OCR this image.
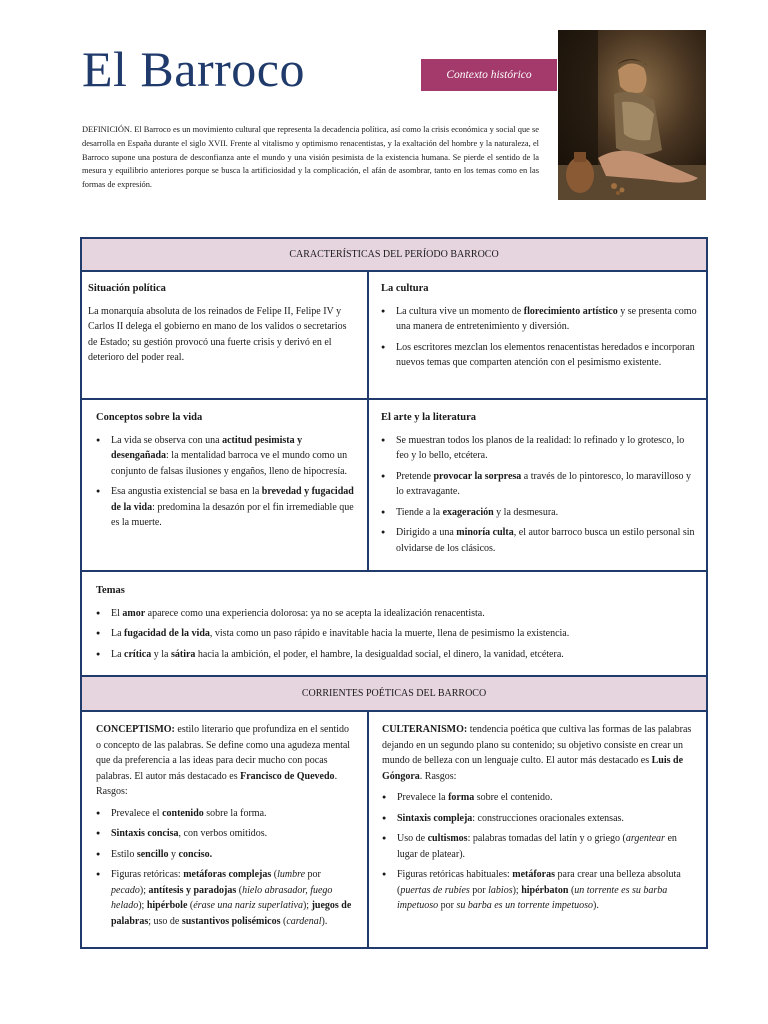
El Barroco	Contexto histórico
DEFINICIÓN. El Barroco es un movimiento cultural que representa la decadencia política, así como la crisis económica y social que se desarrolla en España durante el siglo XVII. Frente al vitalismo y optimismo renacentistas, y la exaltación del hombre y la naturaleza, el Barroco supone una postura de desconfianza ante el mundo y una visión pesimista de la existencia humana. Se pierde el sentido de la mesura y equilibrio anteriores porque se busca la artificiosidad y la complicación, el afán de asombrar, tanto en los temas como en las formas de expresión.
CARACTERÍSTICAS DEL PERÍODO BARROCO
CORRIENTES POÉTICAS DEL BARROCO
Situación política

La monarquía absoluta de los reinados de Felipe II, Felipe IV y Carlos II delega el gobierno en mano de los validos o secretarios de Estado; su gestión provocó una fuerte crisis y derivó en el deterioro del poder real.

La cultura
● La cultura vive un momento de florecimiento artístico y se presenta como una manera de entretenimiento y diversión.
● Los escritores mezclan los elementos renacentistas heredados e incorporan nuevos temas que comparten atención con el pesimismo existente.
Conceptos sobre la vida
● La vida se observa con una actitud pesimista y desengañada: la mentalidad barroca ve el mundo como un conjunto de falsas ilusiones y engaños, lleno de hipocresía.
● Esa angustia existencial se basa en la brevedad y fugacidad de la vida: predomina la desazón por el fin irremediable que es la muerte.
El arte y la literatura
● Se muestran todos los planos de la realidad: lo refinado y lo grotesco, lo feo y lo bello, etcétera.
● Pretende provocar la sorpresa a través de lo pintoresco, lo maravilloso y lo extravagante.
● Tiende a la exageración y la desmesura.
● Dirigido a una minoría culta, el autor barroco busca un estilo personal sin olvidarse de los clásicos.
Temas
● El amor aparece como una experiencia dolorosa: ya no se acepta la idealización renacentista.
● La fugacidad de la vida, vista como un paso rápido e inavitable hacia la muerte, llena de pesimismo la existencia.
● La crítica y la sátira hacia la ambición, el poder, el hambre, la desigualdad social, el dinero, la vanidad, etcétera.

CONCEPTISMO: estilo literario que profundiza en el sentido o concepto de las palabras. Se define como una agudeza mental que da preferencia a las ideas para decir mucho con pocas palabras. El autor más destacado es Francisco de Quevedo. Rasgos:

● Prevalece el contenido sobre la forma.
● Sintaxis concisa, con verbos omitidos.
● Estilo sencillo y conciso.
● Figuras retóricas: metáforas complejas (lumbre por pecado); antítesis y paradojas (hielo abrasador, fuego helado); hipérbole (érase una nariz superlativa); juegos de palabras; uso de sustantivos polisémicos (cardenal).

CULTERANISMO: tendencia poética que cultiva las formas de las palabras dejando en un segundo plano su contenido; su objetivo consiste en crear un mundo de belleza con un lenguaje culto. El autor más destacado es Luis de Góngora. Rasgos:

● Prevalece la forma sobre el contenido.
● Sintaxis compleja: construcciones oracionales extensas.
● Uso de cultismos: palabras tomadas del latín y o griego (argentear en lugar de platear).
● Figuras retóricas habituales: metáforas para crear una belleza absoluta (puertas de rubíes por labios); hipérbaton (un torrente es su barba impetuoso por su barba es un torrente impetuoso).
